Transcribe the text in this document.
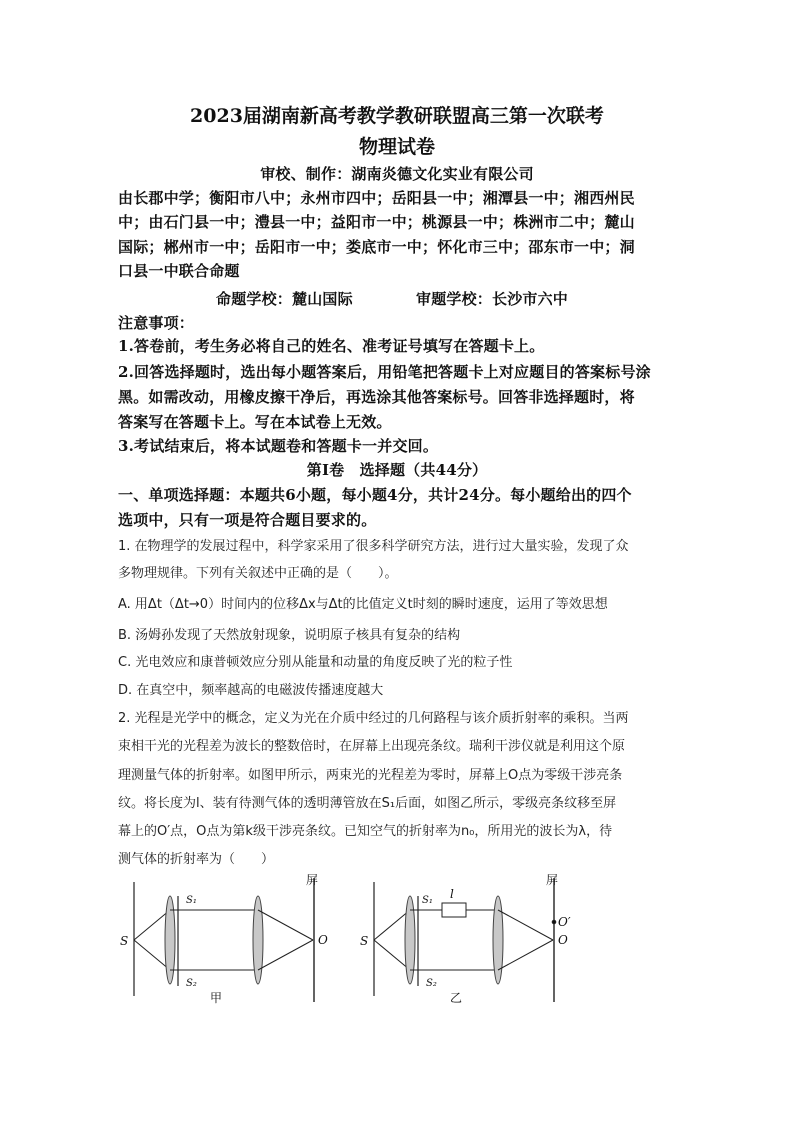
2023届湖南新高考教学教研联盟高三第一次联考
物理试卷
审校、制作：湖南炎德文化实业有限公司
由长郡中学；衡阳市八中；永州市四中；岳阳县一中；湘潭县一中；湘西州民
中；由石门县一中；澧县一中；益阳市一中；桃源县一中；株洲市二中；麓山
国际；郴州市一中；岳阳市一中；娄底市一中；怀化市三中；邵东市一中；洞
口县一中联合命题
命题学校：麓山国际	审题学校：长沙市六中
注意事项：
1.答卷前，考生务必将自己的姓名、准考证号填写在答题卡上。
2.回答选择题时，选出每小题答案后，用铅笔把答题卡上对应题目的答案标号涂
黑。如需改动，用橡皮擦干净后，再选涂其他答案标号。回答非选择题时，将
答案写在答题卡上。写在本试卷上无效。
3.考试结束后，将本试题卷和答题卡一并交回。
第Ⅰ卷　选择题（共44分）
一、单项选择题：本题共6小题，每小题4分，共计24分。每小题给出的四个
选项中，只有一项是符合题目要求的。
1. 在物理学的发展过程中，科学家采用了很多科学研究方法，进行过大量实验，发现了众
多物理规律。下列有关叙述中正确的是（　　）。
A. 用Δt（Δt→0）时间内的位移Δx与Δt的比值定义t时刻的瞬时速度，运用了等效思想
B. 汤姆孙发现了天然放射现象，说明原子核具有复杂的结构
C. 光电效应和康普顿效应分别从能量和动量的角度反映了光的粒子性
D. 在真空中，频率越高的电磁波传播速度越大
2. 光程是光学中的概念，定义为光在介质中经过的几何路程与该介质折射率的乘积。当两
束相干光的光程差为波长的整数倍时，在屏幕上出现亮条纹。瑞利干涉仪就是利用这个原
理测量气体的折射率。如图甲所示，两束光的光程差为零时，屏幕上O点为零级干涉亮条
纹。将长度为l、装有待测气体的透明薄管放在S₁后面，如图乙所示，零级亮条纹移至屏
幕上的O′点，O点为第k级干涉亮条纹。已知空气的折射率为n₀，所用光的波长为λ，待
测气体的折射率为（　　）
S
S₁
S₂
屏
O
甲
S
S₁ l
S₂
屏
O′
O
乙
